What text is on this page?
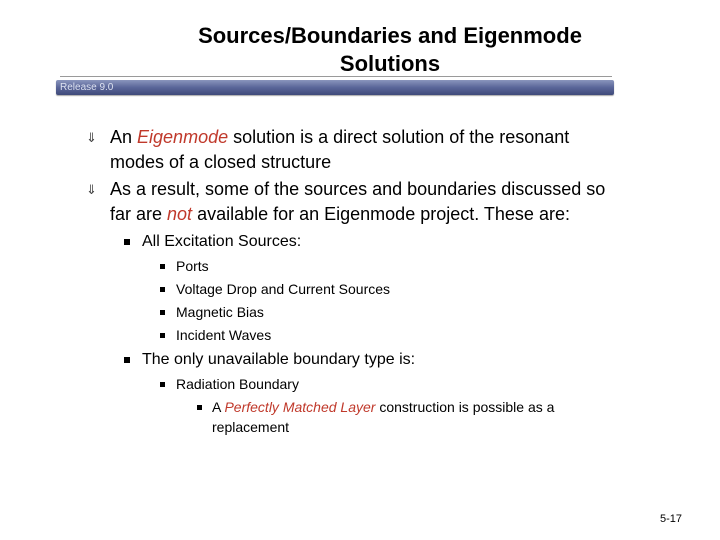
Sources/Boundaries and Eigenmode
Solutions
Release 9.0
⇓ An Eigenmode solution is a direct solution of the resonant
modes of a closed structure
⇓ As a result, some of the sources and boundaries discussed so
far are not available for an Eigenmode project. These are:
All Excitation Sources:
Ports
Voltage Drop and Current Sources
Magnetic Bias
Incident Waves
The only unavailable boundary type is:
Radiation Boundary
A Perfectly Matched Layer construction is possible as a
replacement
5-17
